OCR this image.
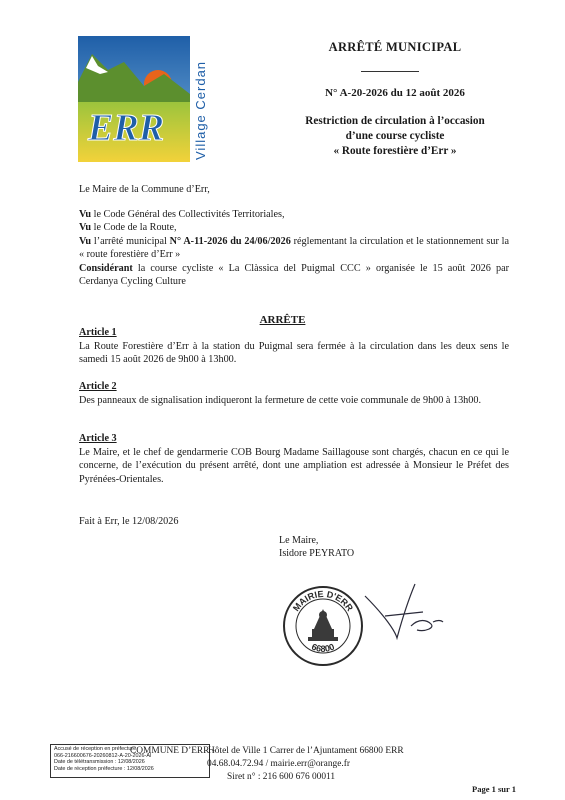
ERR Village Cerdan
ARRÊTÉ MUNICIPAL
N° A-20-2026 du 12 août 2026
Restriction de circulation à l’occasion
d’une course cycliste
« Route forestière d’Err »
Le Maire de la Commune d’Err,
Vu le Code Général des Collectivités Territoriales,
Vu le Code de la Route,
Vu l’arrêté municipal N° A-11-2026 du 24/06/2026 réglementant la circulation et le stationnement sur la « route forestière d’Err »
Considérant la course cycliste « La Clàssica del Puigmal CCC » organisée le 15 août 2026 par Cerdanya Cycling Culture
ARRÊTE
Article 1
La Route Forestière d’Err à la station du Puigmal sera fermée à la circulation dans les deux sens le samedi 15 août 2026 de 9h00 à 13h00.
Article 2
Des panneaux de signalisation indiqueront la fermeture de cette voie communale de 9h00 à 13h00.
Article 3
Le Maire, et le chef de gendarmerie COB Bourg Madame Saillagouse sont chargés, chacun en ce qui le concerne, de l’exécution du présent arrêté, dont une ampliation est adressée à Monsieur le Préfet des Pyrénées-Orientales.
Fait à Err, le 12/08/2026
Le Maire,
Isidore PEYRATO
MAIRIE D'ERR
66800
Accusé de réception en préfecture
066-216600676-20260812-A-20-2026-AI
Date de télétransmission : 12/08/2026
Date de réception préfecture : 12/08/2026
COMMUNE D’ERR -
Hôtel de Ville 1 Carrer de l’Ajuntament 66800 ERR
04.68.04.72.94 / mairie.err@orange.fr
Siret n° : 216 600 676 00011
Page 1 sur 1
